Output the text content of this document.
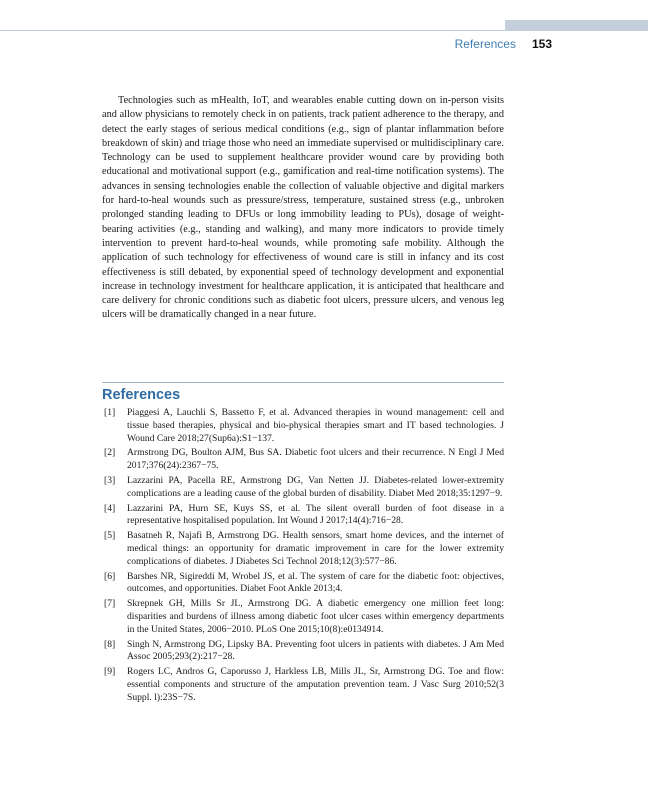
References 153

Technologies such as mHealth, IoT, and wearables enable cutting down on in-person visits and allow physicians to remotely check in on patients, track patient adherence to the therapy, and detect the early stages of serious medical conditions (e.g., sign of plantar inflammation before breakdown of skin) and triage those who need an immediate supervised or multidisciplinary care. Technology can be used to supplement healthcare provider wound care by providing both educational and motivational support (e.g., gamification and real-time notification systems). The advances in sensing technologies enable the collection of valuable objective and digital markers for hard-to-heal wounds such as pressure/stress, temperature, sustained stress (e.g., unbroken prolonged standing leading to DFUs or long immobility leading to PUs), dosage of weight-bearing activities (e.g., standing and walking), and many more indicators to provide timely intervention to prevent hard-to-heal wounds, while promoting safe mobility. Although the application of such technology for effectiveness of wound care is still in infancy and its cost effectiveness is still debated, by exponential speed of technology development and exponential increase in technology investment for healthcare application, it is anticipated that healthcare and care delivery for chronic conditions such as diabetic foot ulcers, pressure ulcers, and venous leg ulcers will be dramatically changed in a near future.

References
[1]	Piaggesi A, Lauchli S, Bassetto F, et al. Advanced therapies in wound management: cell and tissue based therapies, physical and bio-physical therapies smart and IT based technologies. J Wound Care 2018;27(Sup6a):S1−137.
[2]	Armstrong DG, Boulton AJM, Bus SA. Diabetic foot ulcers and their recurrence. N Engl J Med 2017;376(24):2367−75.
[3]	Lazzarini PA, Pacella RE, Armstrong DG, Van Netten JJ. Diabetes-related lower-extremity complications are a leading cause of the global burden of disability. Diabet Med 2018;35:1297−9.
[4]	Lazzarini PA, Hurn SE, Kuys SS, et al. The silent overall burden of foot disease in a representative hospitalised population. Int Wound J 2017;14(4):716−28.
[5]	Basatneh R, Najafi B, Armstrong DG. Health sensors, smart home devices, and the internet of medical things: an opportunity for dramatic improvement in care for the lower extremity complications of diabetes. J Diabetes Sci Technol 2018;12(3):577−86.
[6]	Barshes NR, Sigireddi M, Wrobel JS, et al. The system of care for the diabetic foot: objectives, outcomes, and opportunities. Diabet Foot Ankle 2013;4.
[7]	Skrepnek GH, Mills Sr JL, Armstrong DG. A diabetic emergency one million feet long: disparities and burdens of illness among diabetic foot ulcer cases within emergency departments in the United States, 2006−2010. PLoS One 2015;10(8):e0134914.
[8]	Singh N, Armstrong DG, Lipsky BA. Preventing foot ulcers in patients with diabetes. J Am Med Assoc 2005;293(2):217−28.
[9]	Rogers LC, Andros G, Caporusso J, Harkless LB, Mills JL, Sr, Armstrong DG. Toe and flow: essential components and structure of the amputation prevention team. J Vasc Surg 2010;52(3 Suppl. l):23S−7S.
